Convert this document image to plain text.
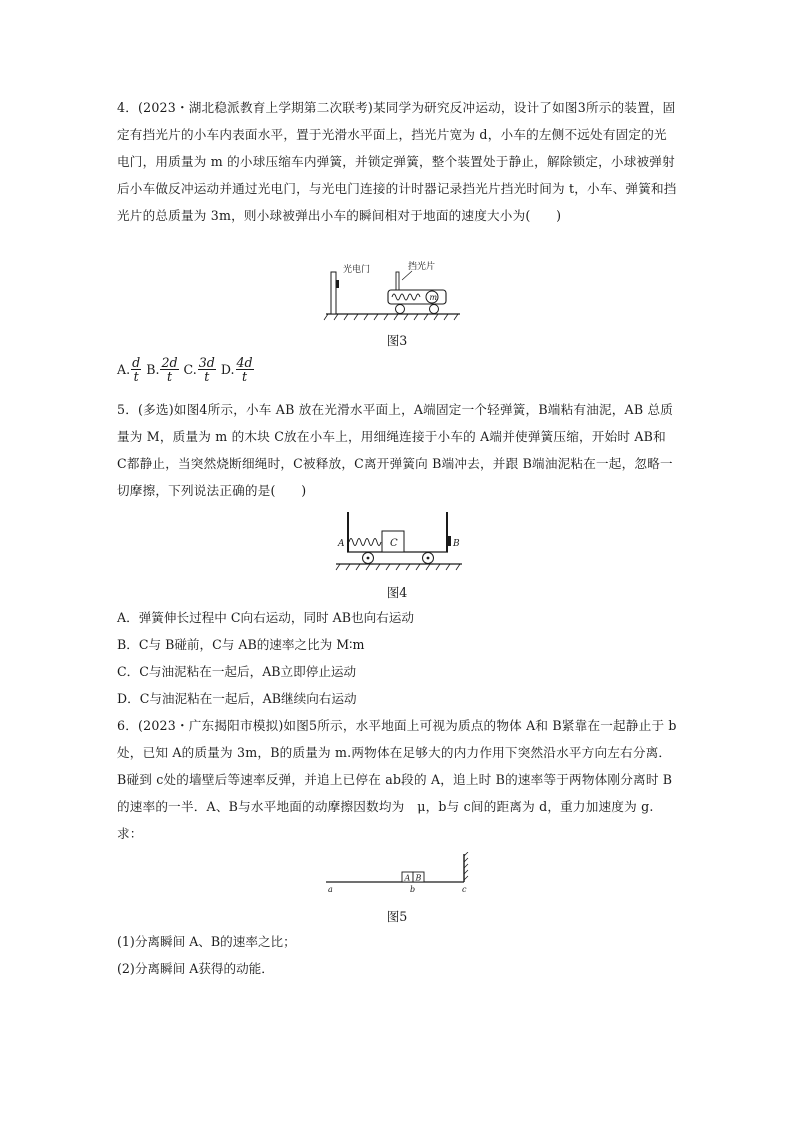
4．(2023・湖北稳派教育上学期第二次联考)某同学为研究反冲运动，设计了如图3所示的装置，固定有挡光片的小车内表面水平，置于光滑水平面上，挡光片宽为 d，小车的左侧不远处有固定的光电门，用质量为 m 的小球压缩车内弹簧，并锁定弹簧，整个装置处于静止，解除锁定，小球被弹射后小车做反冲运动并通过光电门，与光电门连接的计时器记录挡光片挡光时间为 t，小车、弹簧和挡光片的总质量为 3m，则小球被弹出小车的瞬间相对于地面的速度大小为(　　)
光电门	挡光片
m
图3
A. $\frac{d}{t} B$. $\frac{2d}{t} C$. $\frac{3d}{t} D$. $\frac{4d}{t}$
5．(多选)如图4所示，小车 AB 放在光滑水平面上，A端固定一个轻弹簧，B端粘有油泥，AB 总质量为 M，质量为 m 的木块 C放在小车上，用细绳连接于小车的 A端并使弹簧压缩，开始时 AB和 C都静止，当突然烧断细绳时，C被释放，C离开弹簧向 B端冲去，并跟 B端油泥粘在一起，忽略一切摩擦，下列说法正确的是(　　)
C
A	B
图4
A．弹簧伸长过程中 C向右运动，同时 AB也向右运动
B．C与 B碰前，C与 AB的速率之比为 M∶m
C．C与油泥粘在一起后，AB立即停止运动
D．C与油泥粘在一起后，AB继续向右运动
6．(2023・广东揭阳市模拟)如图5所示，水平地面上可视为质点的物体 A和 B紧靠在一起静止于 b处，已知 A的质量为 3m，B的质量为 m.两物体在足够大的内力作用下突然沿水平方向左右分离．B碰到 c处的墙壁后等速率反弹，并追上已停在 ab段的 A，追上时 B的速率等于两物体刚分离时 B的速率的一半．A、B与水平地面的动摩擦因数均为　μ，b与 c间的距离为 d，重力加速度为 g.求：
A B
a	b	c
图5
(1)分离瞬间 A、B的速率之比；
(2)分离瞬间 A获得的动能．
